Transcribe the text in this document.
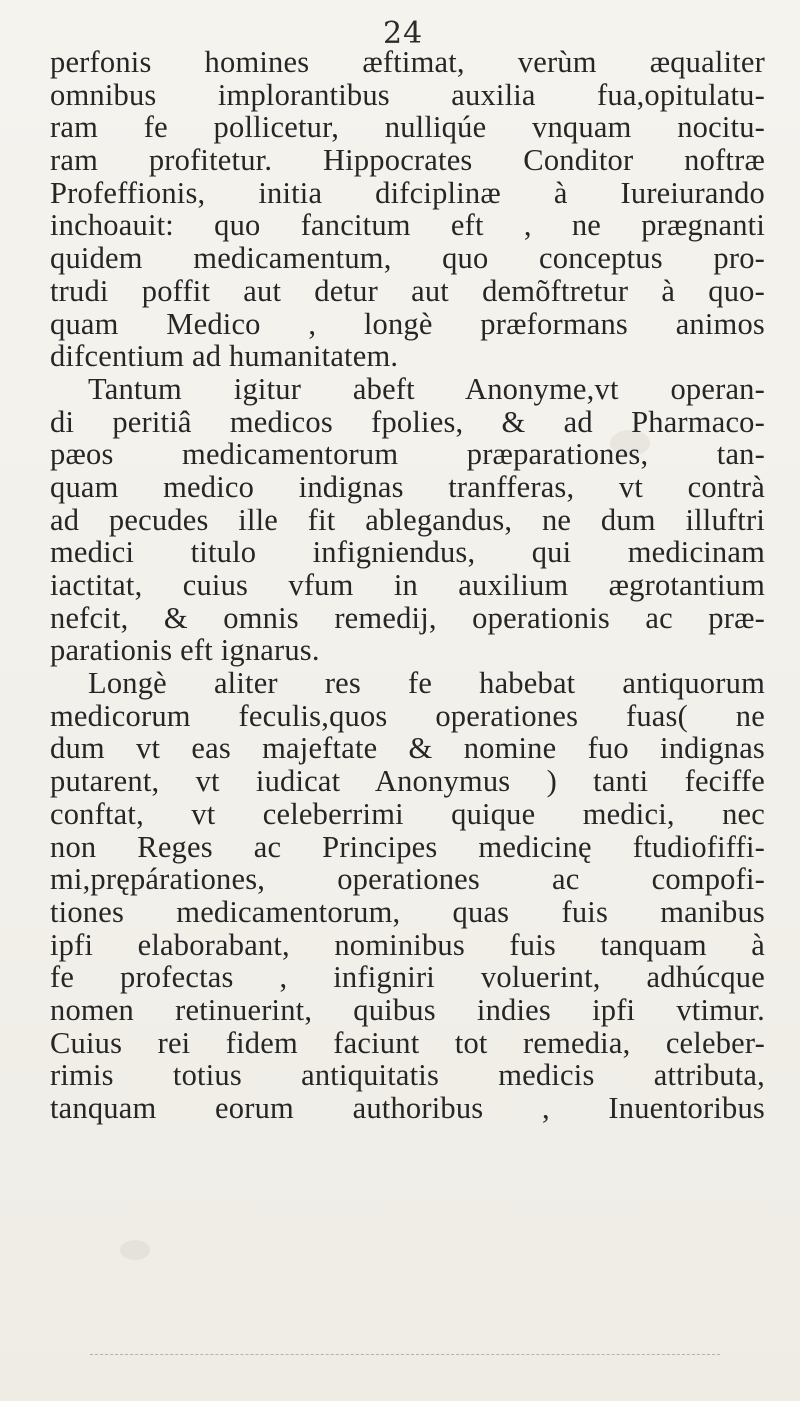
24
perfonis homines æftimat, verùm æqualiter
omnibus implorantibus auxilia fua,opitulatu-
ram fe pollicetur, nulliqúe vnquam nocitu-
ram profitetur. Hippocrates Conditor noftræ
Profeffionis, initia difciplinæ à Iureiurando
inchoauit: quo fancitum eft , ne prægnanti
quidem medicamentum, quo conceptus pro-
trudi poffit aut detur aut demõftretur à quo-
quam Medico , longè præformans animos
difcentium ad humanitatem.
Tantum igitur abeft Anonyme,vt operan-
di peritiâ medicos fpolies, & ad Pharmaco-
pæos medicamentorum præparationes, tan-
quam medico indignas tranfferas, vt contrà
ad pecudes ille fit ablegandus, ne dum illuftri
medici titulo infigniendus, qui medicinam
iactitat, cuius vfum in auxilium ægrotantium
nefcit, & omnis remedij, operationis ac præ-
parationis eft ignarus.
Longè aliter res fe habebat antiquorum
medicorum feculis,quos operationes fuas( ne
dum vt eas majeftate & nomine fuo indignas
putarent, vt iudicat Anonymus ) tanti feciffe
conftat, vt celeberrimi quique medici, nec
non Reges ac Principes medicinę ftudiofiffi-
mi,prępárationes, operationes ac compofi-
tiones medicamentorum, quas fuis manibus
ipfi elaborabant, nominibus fuis tanquam à
fe profectas , infigniri voluerint, adhúcque
nomen retinuerint, quibus indies ipfi vtimur.
Cuius rei fidem faciunt tot remedia, celeber-
rimis totius antiquitatis medicis attributa,
tanquam eorum authoribus , Inuentoribus
